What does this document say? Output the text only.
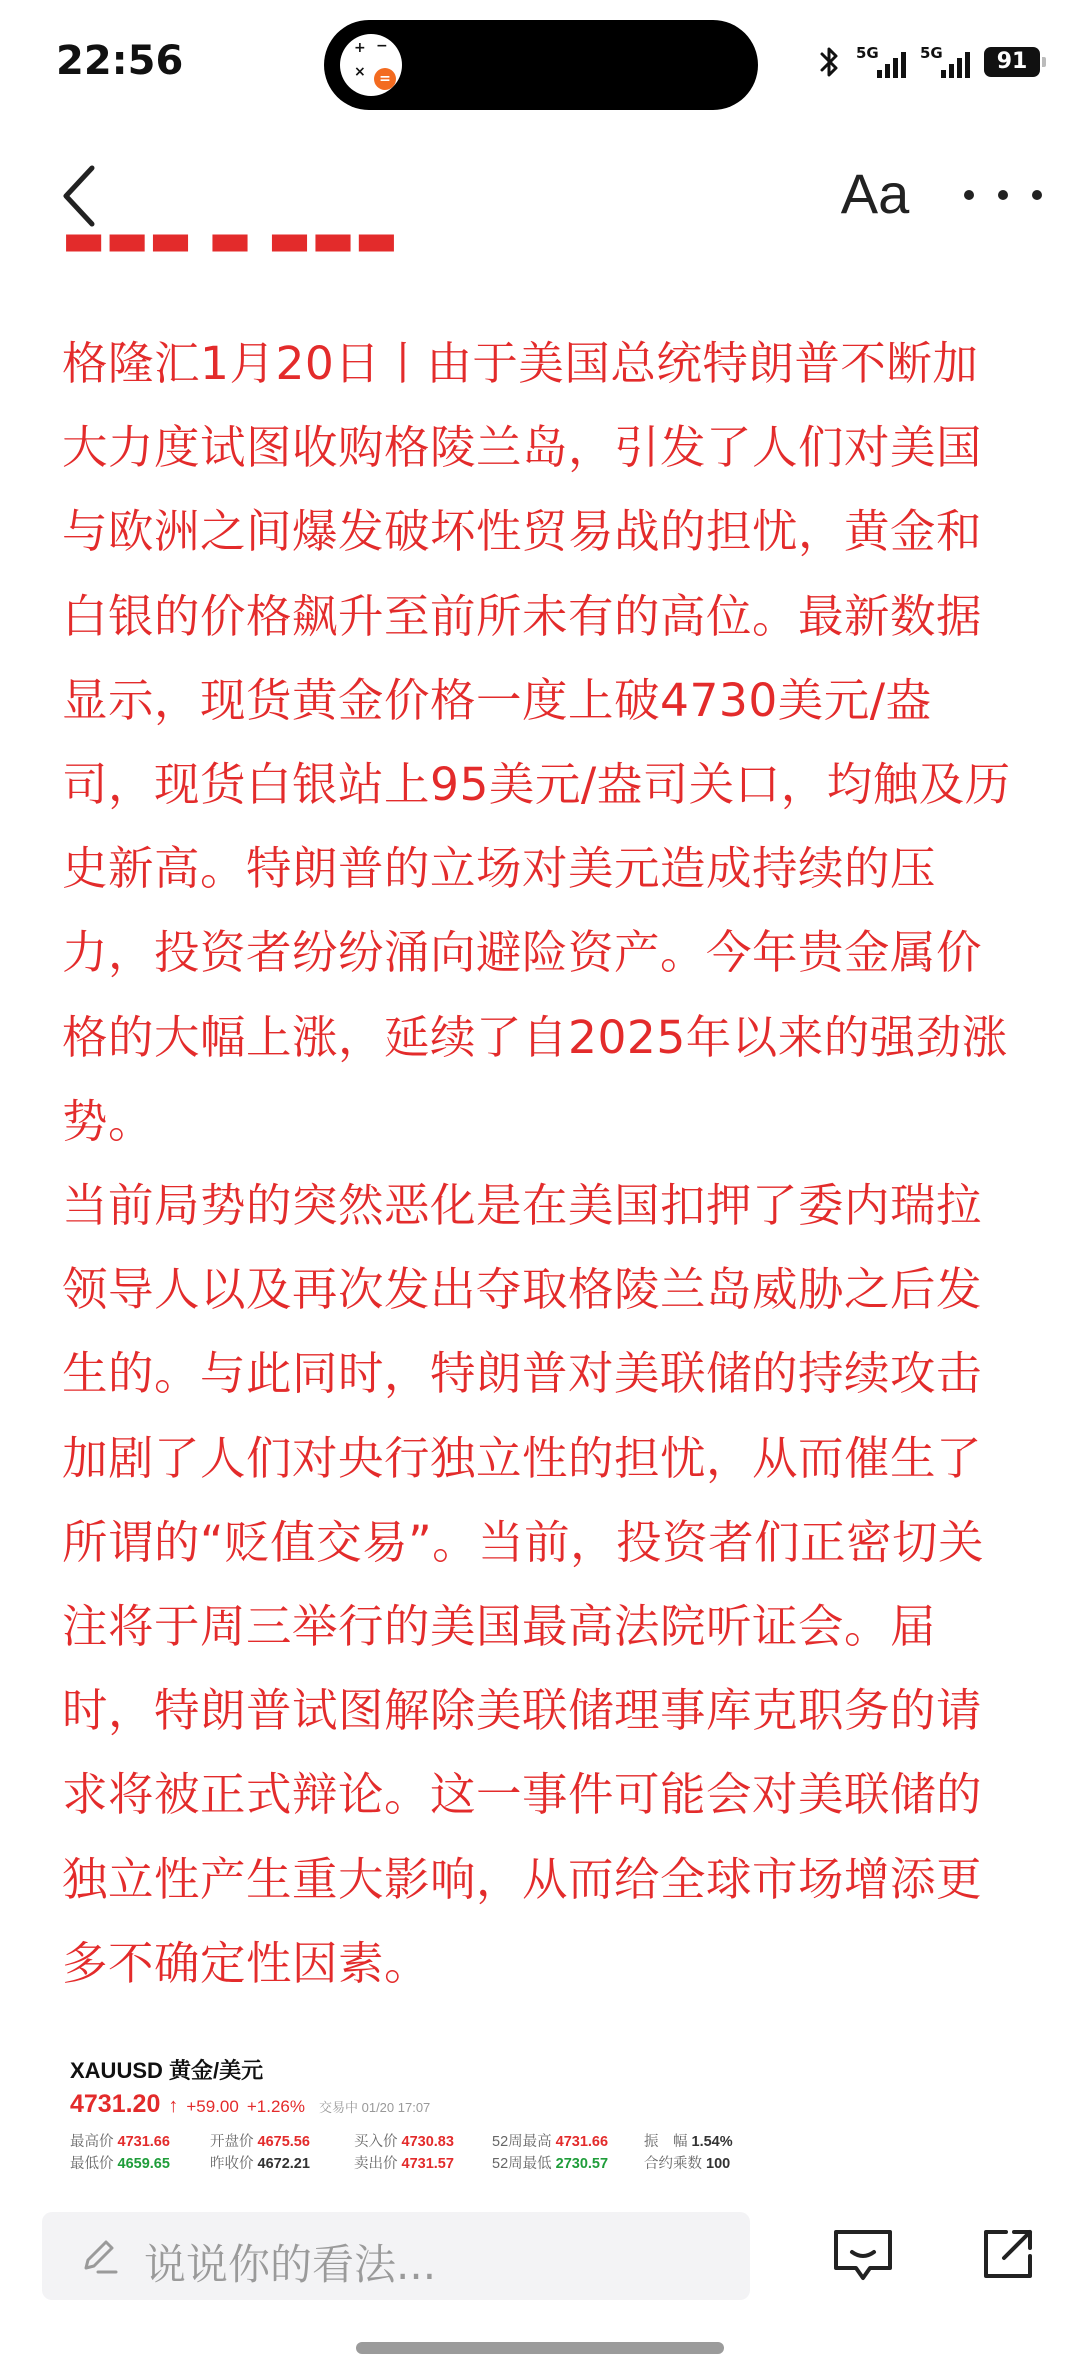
22:56	+ −
× =
5G	5G	91
Aa
▬▬▬ ▬ ▬▬▬

格隆汇1月20日丨由于美国总统特朗普不断加大力度试图收购格陵兰岛，引发了人们对美国与欧洲之间爆发破坏性贸易战的担忧，黄金和白银的价格飙升至前所未有的高位。最新数据显示，现货黄金价格一度上破4730美元/盎司，现货白银站上95美元/盎司关口，均触及历史新高。特朗普的立场对美元造成持续的压力，投资者纷纷涌向避险资产。今年贵金属价格的大幅上涨，延续了自2025年以来的强劲涨势。

当前局势的突然恶化是在美国扣押了委内瑞拉领导人以及再次发出夺取格陵兰岛威胁之后发生的。与此同时，特朗普对美联储的持续攻击加剧了人们对央行独立性的担忧，从而催生了所谓的“贬值交易”。当前，投资者们正密切关注将于周三举行的美国最高法院听证会。届时，特朗普试图解除美联储理事库克职务的请求将被正式辩论。这一事件可能会对美联储的独立性产生重大影响，从而给全球市场增添更多不确定性因素。

XAUUSD 黄金/美元
4731.20 ↑ +59.00 +1.26% 交易中 01/20 17:07
最高价 4731.66	开盘价 4675.56	买入价 4730.83	52周最高 4731.66 振　幅 1.54%
最低价 4659.65	昨收价 4672.21	卖出价 4731.57	52周最低 2730.57 合约乘数 100
说说你的看法...
